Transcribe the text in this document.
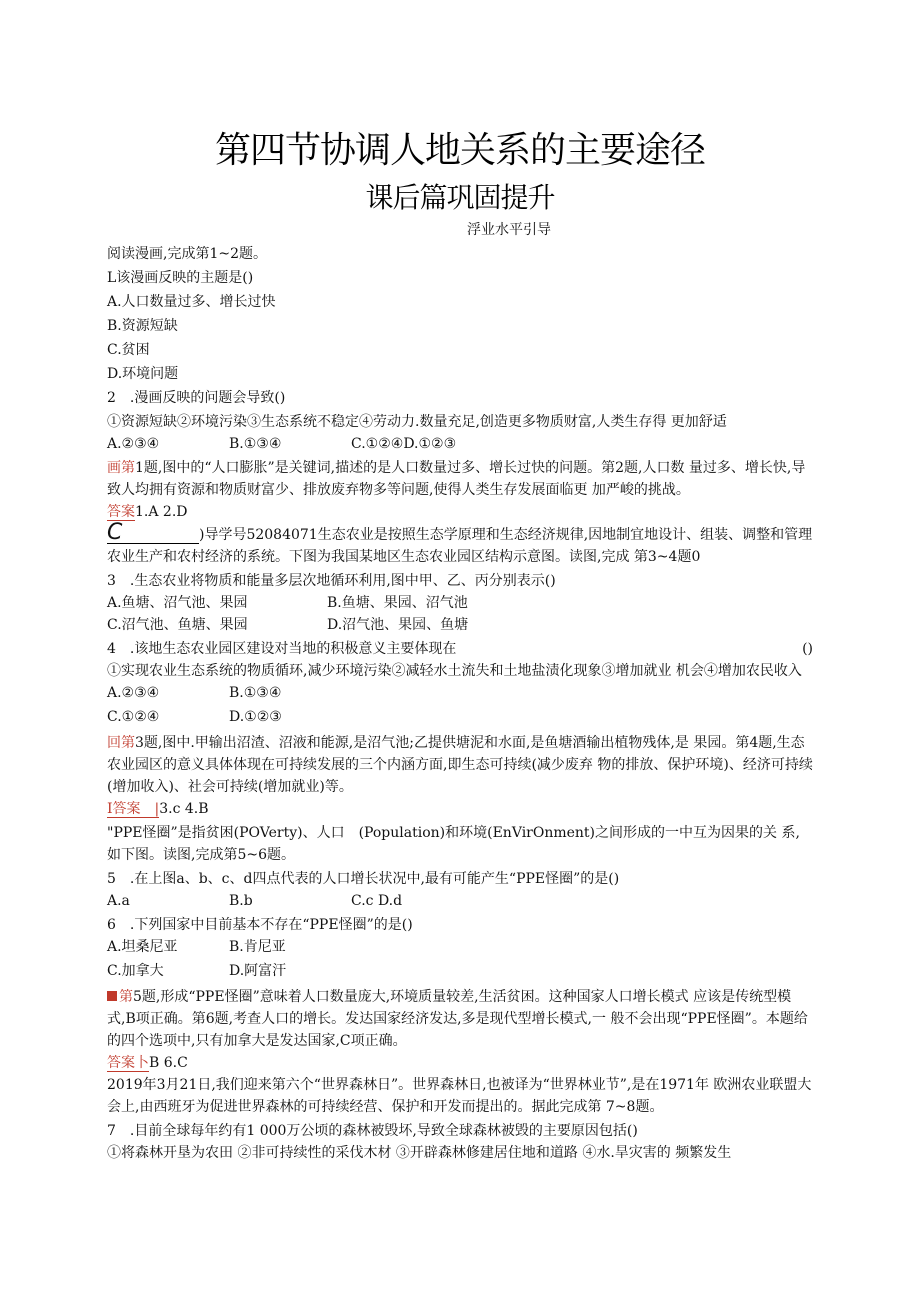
第四节协调人地关系的主要途径
课后篇巩固提升
浮业水平引导

阅读漫画,完成第1~2题。

L该漫画反映的主题是()

A.人口数量过多、增长过快

B.资源短缺

C.贫困

D.环境问题

2　.漫画反映的问题会导致()

①资源短缺②环境污染③生态系统不稳定④劳动力.数量充足,创造更多物质财富,人类生存得 更加舒适

A.②③④	B.①③④	C.①②④D.①②③

画第1题,图中的“人口膨胀”是关键词,描述的是人口数量过多、增长过快的问题。第2题,人口数 量过多、增长快,导致人均拥有资源和物质财富少、排放废弃物多等问题,使得人类生存发展面临更 加严峻的挑战。

答案1.A 2.D

C	)导学号52084071生态农业是按照生态学原理和生态经济规律,因地制宜地设计、组装、调整和管理农业生产和农村经济的系统。下图为我国某地区生态农业园区结构示意图。读图,完成 第3~4题0

3　.生态农业将物质和能量多层次地循环利用,图中甲、乙、丙分别表示()

A.鱼塘、沼气池、果园	B.鱼塘、果园、沼气池

C.沼气池、鱼塘、果园	D.沼气池、果园、鱼塘

4　.该地生态农业园区建设对当地的积极意义主要体现在	()

①实现农业生态系统的物质循环,减少环境污染②减轻水土流失和土地盐渍化现象③增加就业 机会④增加农民收入

A.②③④	B.①③④

C.①②④	D.①②③

回第3题,图中.甲输出沼渣、沼液和能源,是沼气池;乙提供塘泥和水面,是鱼塘酒输出植物残体,是 果园。第4题,生态农业园区的意义具体体现在可持续发展的三个内涵方面,即生态可持续(减少废弃 物的排放、保护环境)、经济可持续(增加收入)、社会可持续(增加就业)等。

I答案　|3.c 4.B

"PPE怪圈”是指贫困(POVerty)、人口　(Population)和环境(EnVirOnment)之间形成的一中互为因果的关 系,如下图。读图,完成第5~6题。

5　.在上图a、b、c、d四点代表的人口增长状况中,最有可能产生“PPE怪圈”的是()

A.a	B.b	C.c D.d

6　.下列国家中目前基本不存在“PPE怪圈”的是()

A.坦桑尼亚	B.肯尼亚

C.加拿大	D.阿富汗

第5题,形成“PPE怪圈”意味着人口数量庞大,环境质量较差,生活贫困。这种国家人口增长模式 应该是传统型模式,B项正确。第6题,考查人口的增长。发达国家经济发达,多是现代型增长模式,一 般不会出现“PPE怪圈”。本题给的四个选项中,只有加拿大是发达国家,C项正确。

答案卜B 6.C

2019年3月21日,我们迎来第六个“世界森林日”。世界森林日,也被译为“世界林业节”,是在1971年 欧洲农业联盟大会上,由西班牙为促进世界森林的可持续经营、保护和开发而提出的。据此完成第 7~8题。

7　.目前全球每年约有1 000万公顷的森林被毁坏,导致全球森林被毁的主要原因包括()

①将森林开垦为农田 ②非可持续性的采伐木材 ③开辟森林修建居住地和道路 ④水.旱灾害的 频繁发生
